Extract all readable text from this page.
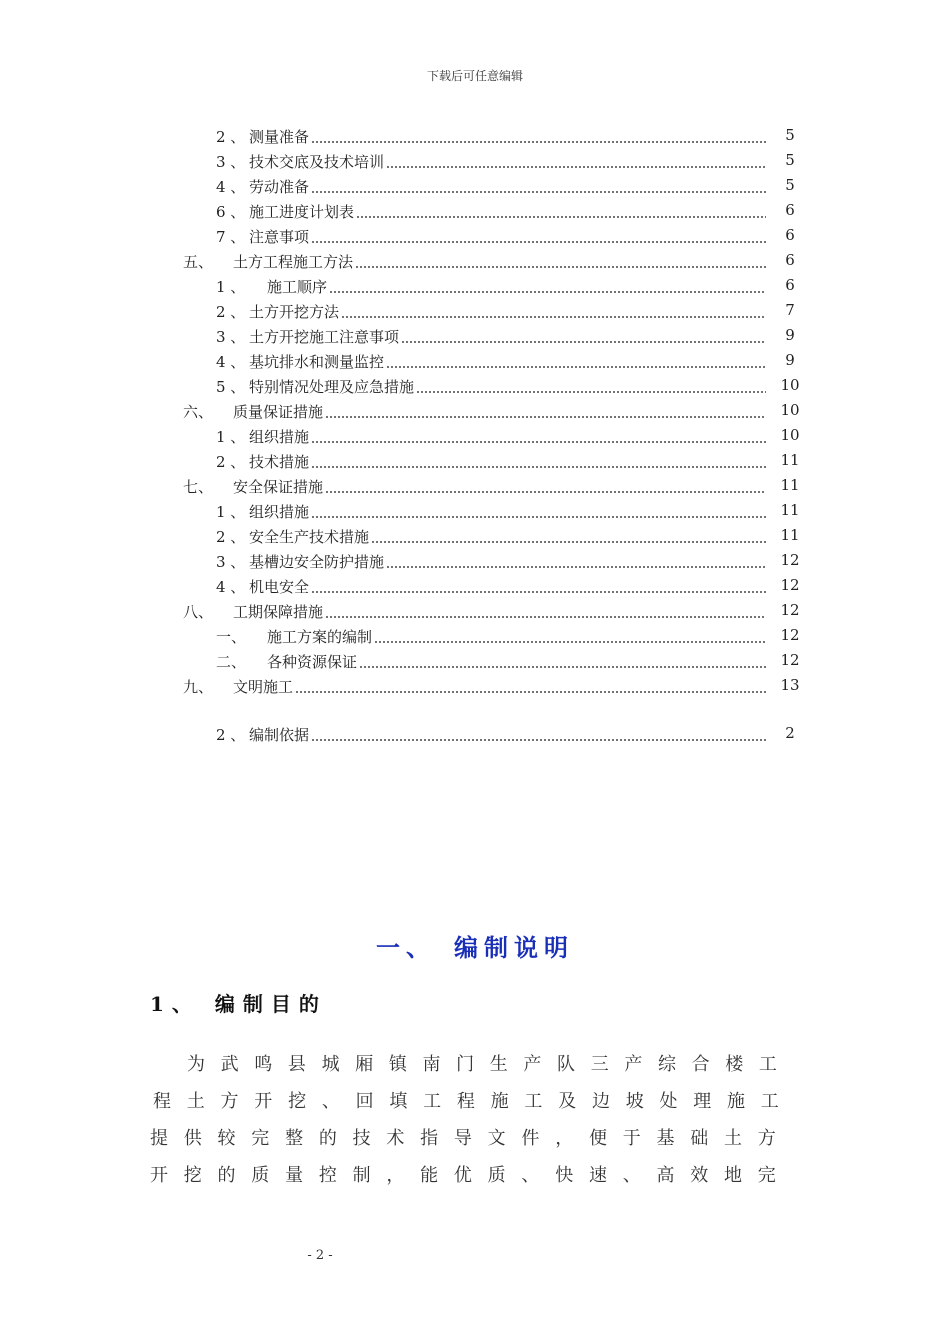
下载后可任意编辑
2 、 测量准备	5
3 、 技术交底及技术培训	5
4 、 劳动准备	5
6 、 施工进度计划表	6
7 、 注意事项	6
五、	土方工程施工方法	6
1 、	施工顺序	6
2 、 土方开挖方法	7
3 、 土方开挖施工注意事项	9
4 、 基坑排水和测量监控	9
5 、 特别情况处理及应急措施	10
六、	质量保证措施	10
1 、 组织措施	10
2 、 技术措施	11
七、	安全保证措施	11
1 、 组织措施	11
2 、 安全生产技术措施	11
3 、 基槽边安全防护措施	12
4 、 机电安全	12
八、	工期保障措施	12
一、	施工方案的编制	12
二、	各种资源保证	12
九、	文明施工	13
2 、 编制依据	2
一、　编制说明
1、 编制目的
为 武 鸣 县 城 厢 镇 南 门 生 产 队 三 产 综 合 楼 工
程 土 方 开 挖 、 回 填 工 程 施 工 及 边 坡 处 理 施 工
提 供 较 完 整 的 技 术 指 导 文 件 ， 便 于 基 础 土 方
开 挖 的 质 量 控 制 ， 能 优 质 、 快 速 、 高 效 地 完
- 2 -
